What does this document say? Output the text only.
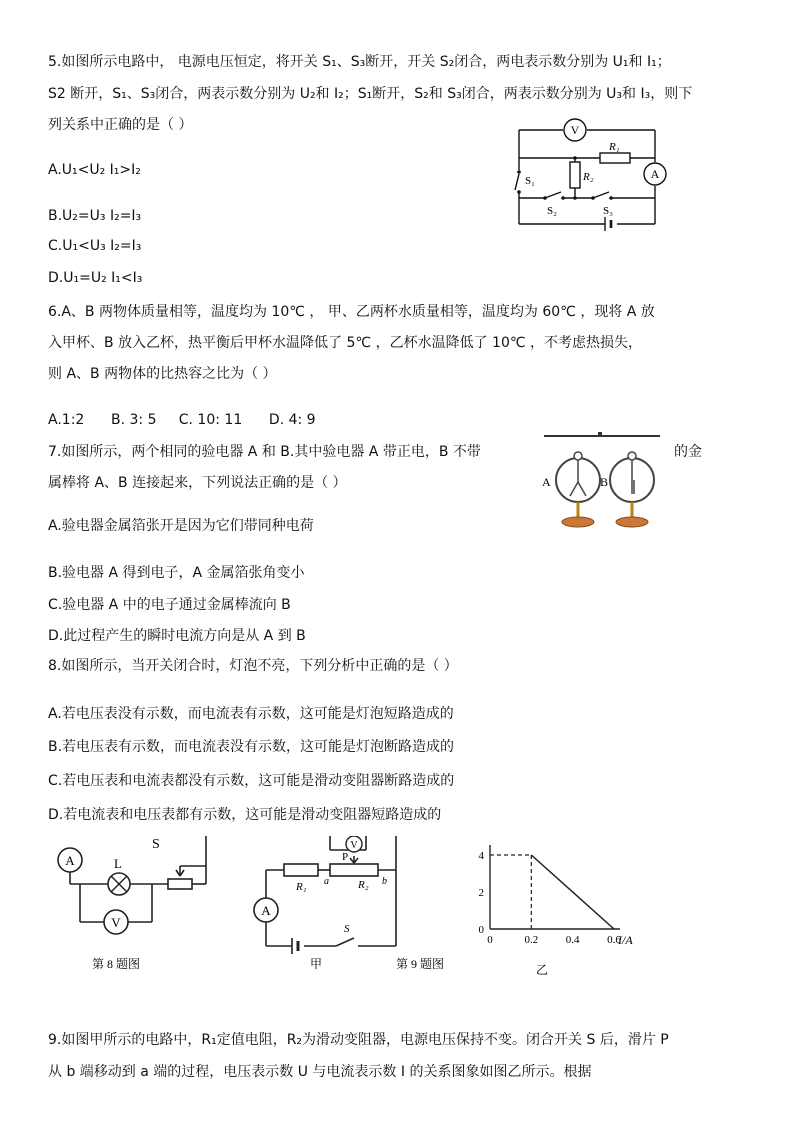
5.如图所示电路中， 电源电压恒定，将开关 S₁、S₃断开，开关 S₂闭合，两电表示数分别为 U₁和 I₁；
S2 断开，S₁、S₃闭合，两表示数分别为 U₂和 I₂；S₁断开，S₂和 S₃闭合，两表示数分别为 U₃和 I₃，则下
列关系中正确的是（ ）
A.U₁<U₂ I₁>I₂
B.U₂=U₃ I₂=I₃
C.U₁<U₃ I₂=I₃
D.U₁=U₂ I₁<I₃
V
A
R₁
R₂
S₁
S₂	S₃
6.A、B 两物体质量相等，温度均为 10℃ ， 甲、乙两杯水质量相等，温度均为 60℃ ，现将 A 放
入甲杯、B 放入乙杯，热平衡后甲杯水温降低了 5℃ ，乙杯水温降低了 10℃ ，不考虑热损失，
则 A、B 两物体的比热容之比为（ ）
A.1:2      B. 3: 5     C. 10: 11      D. 4: 9
7.如图所示，两个相同的验电器 A 和 B.其中验电器 A 带正电，B 不带	的金
属棒将 A、B 连接起来，下列说法正确的是（ ）
A.验电器金属箔张开是因为它们带同种电荷
B.验电器 A 得到电子，A 金属箔张角变小
C.验电器 A 中的电子通过金属棒流向 B
D.此过程产生的瞬时电流方向是从 A 到 B
A	B
8.如图所示，当开关闭合时，灯泡不亮，下列分析中正确的是（ ）
A.若电压表没有示数，而电流表有示数，这可能是灯泡短路造成的
B.若电压表有示数，而电流表没有示数，这可能是灯泡断路造成的
C.若电压表和电流表都没有示数，这可能是滑动变阻器断路造成的
D.若电流表和电压表都有示数，这可能是滑动变阻器短路造成的
A	L
V
S
第 8 题图
V
A
P
R₁	R₂
a	b
S
甲	第 9 题图
0	0.2	0.4	0.6
0
2
4
I/A
乙
9.如图甲所示的电路中，R₁定值电阻，R₂为滑动变阻器，电源电压保持不变。闭合开关 S 后，滑片 P
从 b 端移动到 a 端的过程，电压表示数 U 与电流表示数 I 的关系图象如图乙所示。根据
